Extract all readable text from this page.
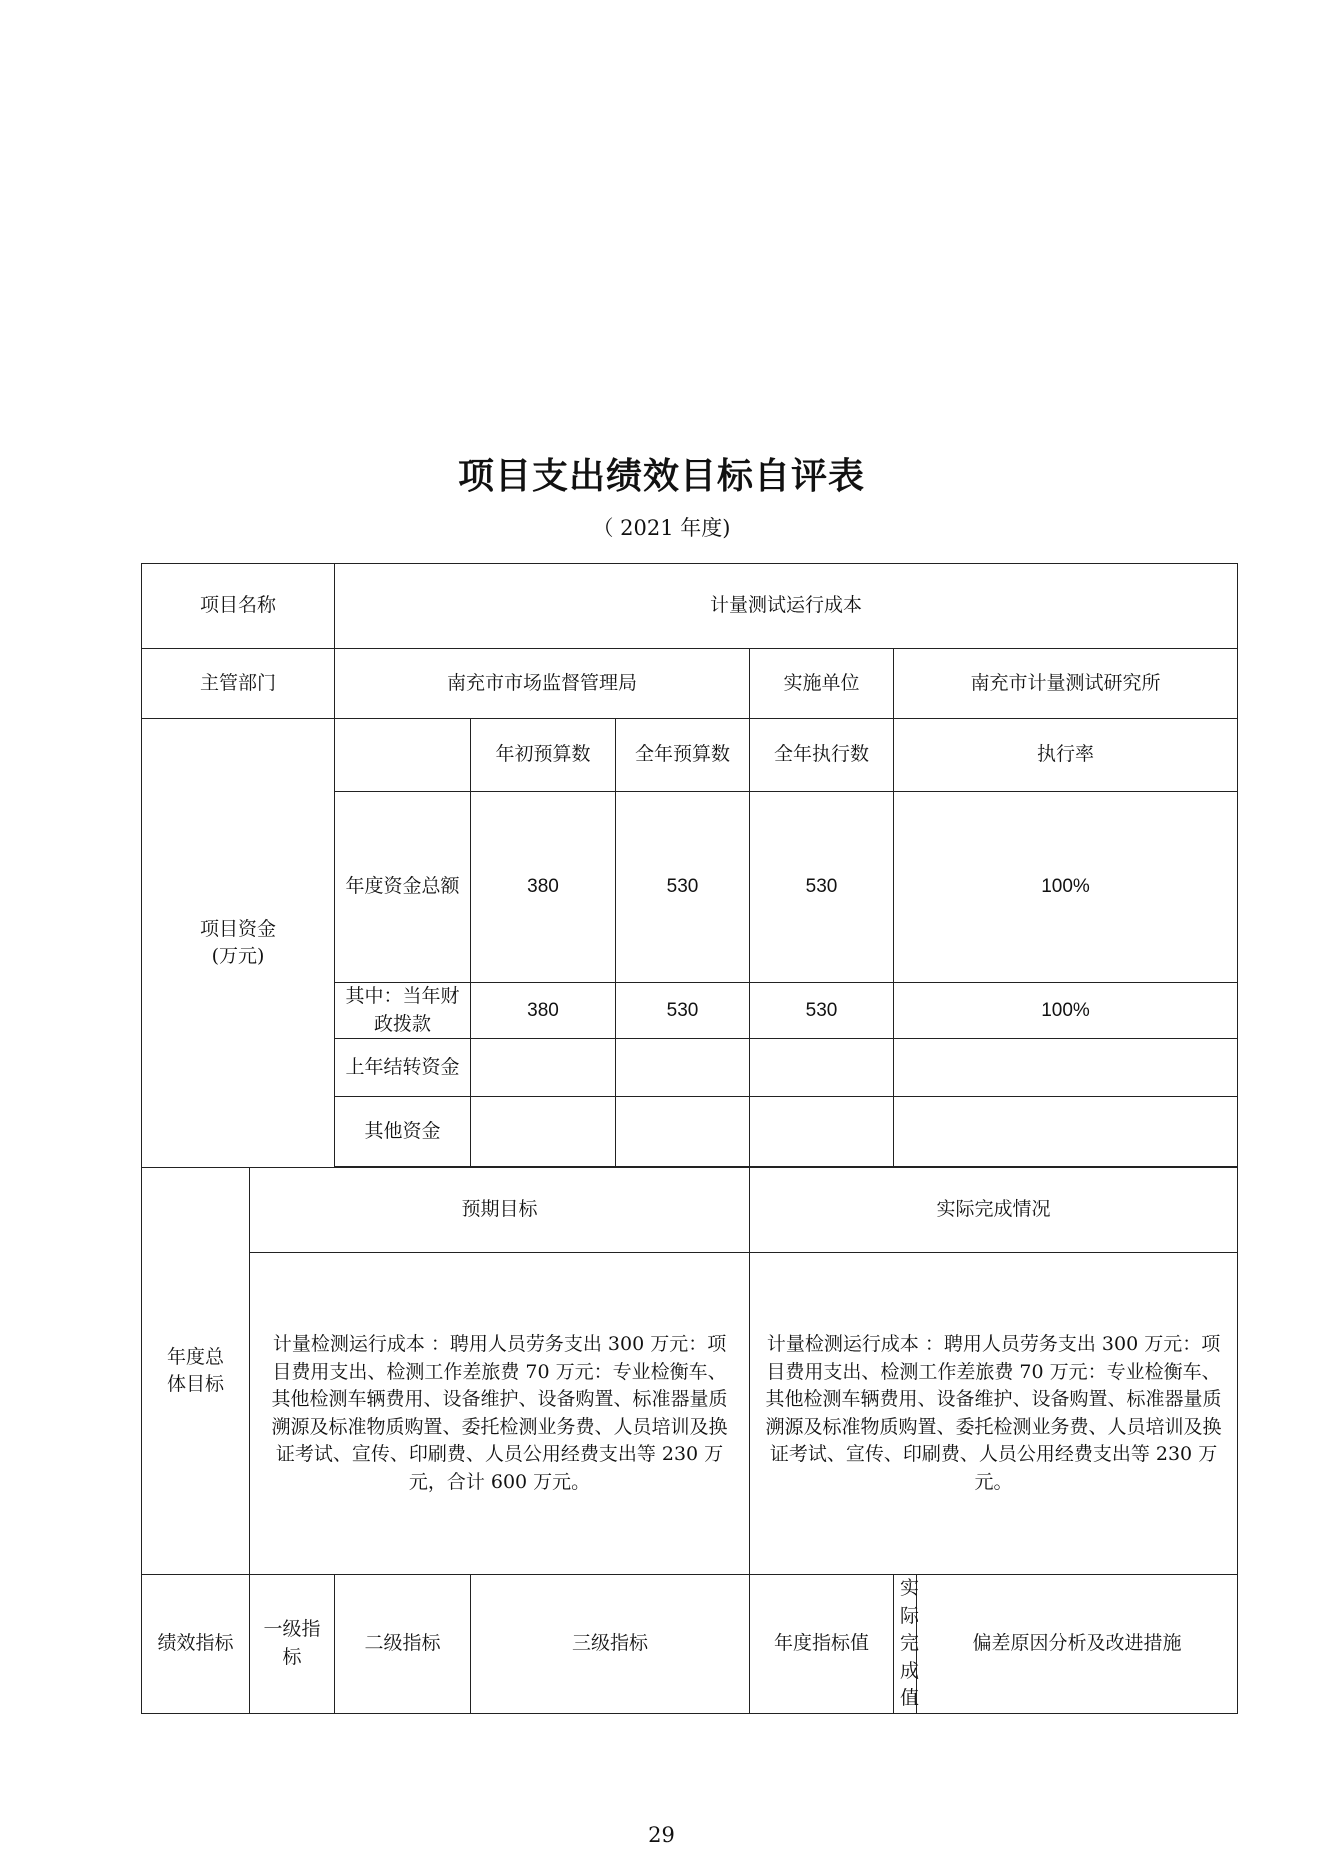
项目支出绩效目标自评表
（ 2021 年度)
项目名称		计量测试运行成本					
主管部门		南充市市场监督管理局			实施单位	南充市计量测试研究所	

项目资金
(万元)			年初预算数	全年预算数	全年执行数	执行率	
		年度资金总额	380	530	530	100%	
		其中：当年财政拨款	380	530	530	100%	
		上年结转资金					
		其他资金					

年度总体目标	预期目标				实际完成情况		
	计量检测运行成本 ：聘用人员劳务支出 300 万元：项目费用支出、检测工作差旅费 70 万元：专业检衡车、其他检测车辆费用、设备维护、设备购置、标准器量质溯源及标准物质购置、委托检测业务费、人员培训及换证考试、宣传、印刷费、人员公用经费支出等 230 万元，合计 600 万元。				计量检测运行成本 ：聘用人员劳务支出 300 万元：项目费用支出、检测工作差旅费 70 万元：专业检衡车、其他检测车辆费用、设备维护、设备购置、标准器量质溯源及标准物质购置、委托检测业务费、人员培训及换证考试、宣传、印刷费、人员公用经费支出等 230 万元。		
绩效指标	一级指标	二级指标	三级指标		年度指标值	实际完成值	偏差原因分析及改进措施
29
